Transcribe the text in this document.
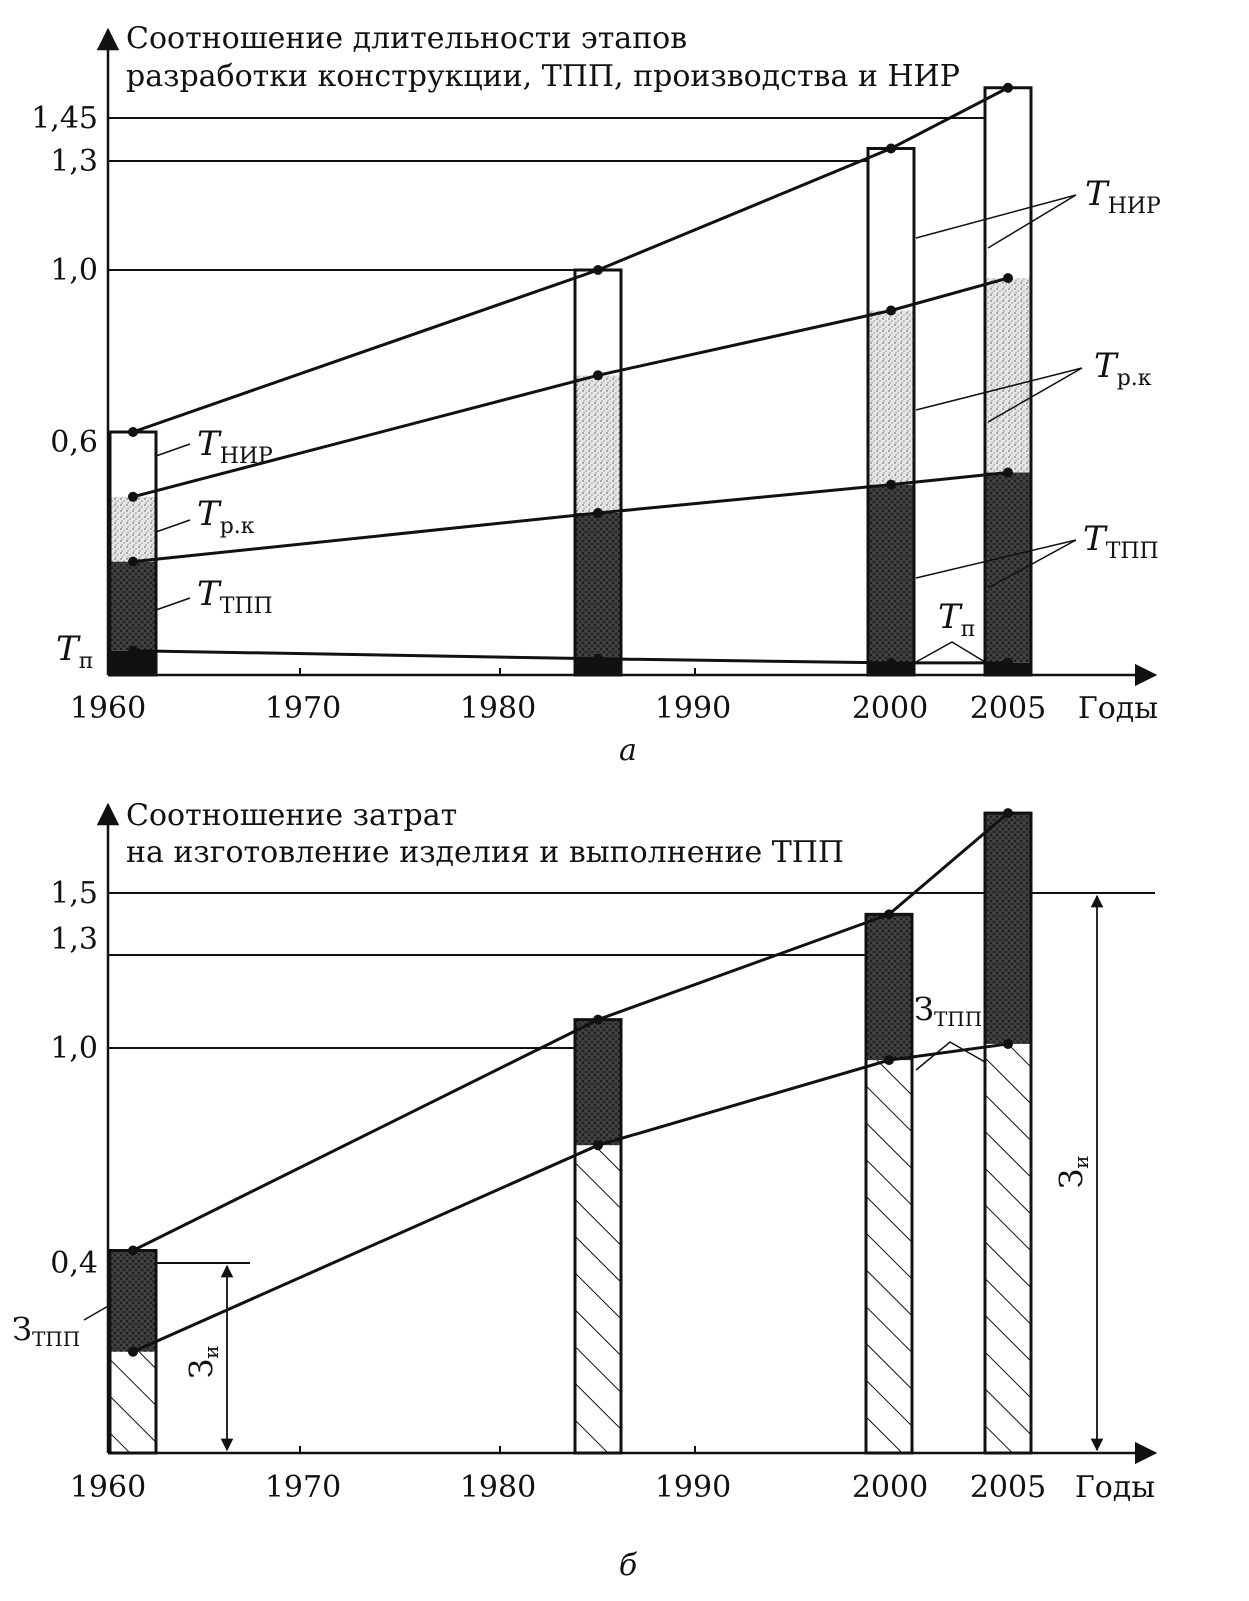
Соотношение длительности этапов
разработки конструкции, ТПП, производства и НИР
1,45
1,3
1,0
0,6
1960	1970	1980	1990	2000 2005 Годы
а
TНИР
Tр.к
TТПП
Tп
TНИР
Tр.к
TТПП
Tп
Соотношение затрат
на изготовление изделия и выполнение ТПП
1,5
1,3
1,0
0,4
1960	1970	1980	1990	2000 2005 Годы
б
ЗТПП
Зи
ЗТПП
Зи
